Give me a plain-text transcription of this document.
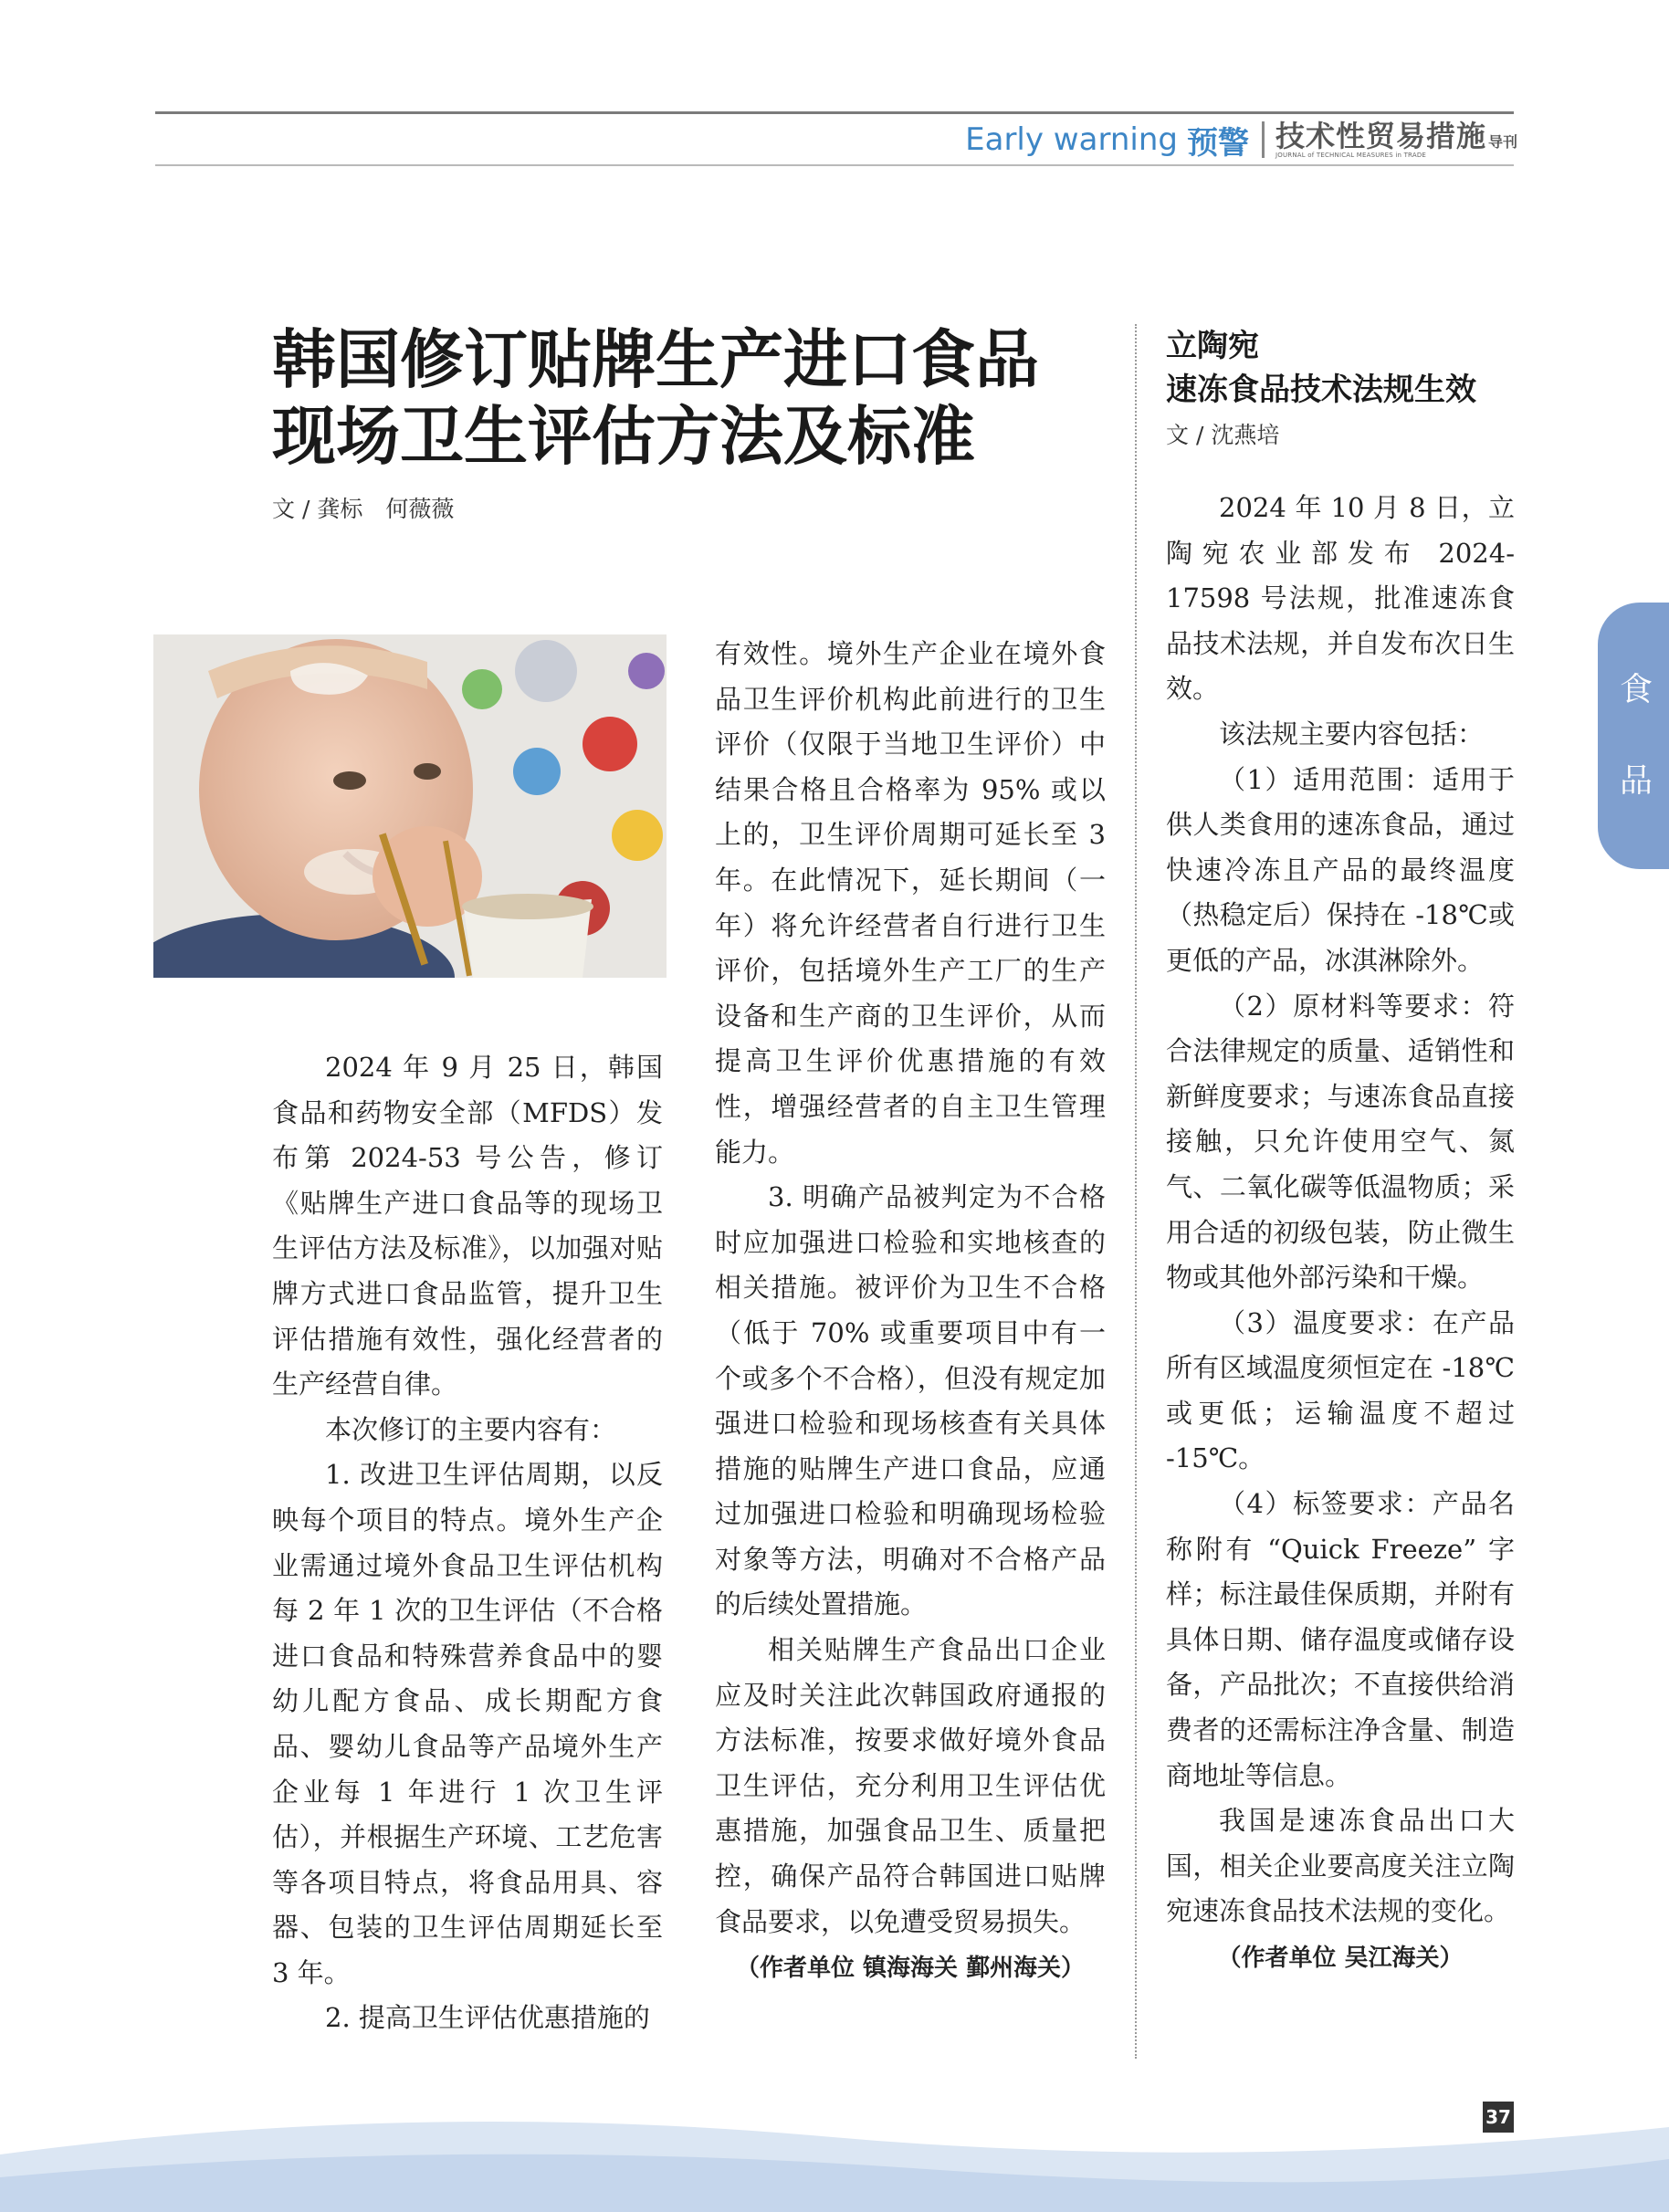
Early warning 预警 技术性贸易措施 导刊
JOURNAL of TECHNICAL MEASURES in TRADE
韩国修订贴牌生产进口食品
现场卫生评估方法及标准
文 / 龚标　何薇薇

2024 年 9 月 25 日，韩国食品和药物安全部（MFDS）发布第 2024-53 号公告，修订《贴牌生产进口食品等的现场卫生评估方法及标准》，以加强对贴牌方式进口食品监管，提升卫生评估措施有效性，强化经营者的生产经营自律。

本次修订的主要内容有：

1. 改进卫生评估周期，以反映每个项目的特点。境外生产企业需通过境外食品卫生评估机构每 2 年 1 次的卫生评估（不合格进口食品和特殊营养食品中的婴幼儿配方食品、成长期配方食品、婴幼儿食品等产品境外生产企业每 1 年进行 1 次卫生评估），并根据生产环境、工艺危害等各项目特点，将食品用具、容器、包装的卫生评估周期延长至 3 年。

2. 提高卫生评估优惠措施的

有效性。境外生产企业在境外食品卫生评价机构此前进行的卫生评价（仅限于当地卫生评价）中结果合格且合格率为 95% 或以上的，卫生评价周期可延长至 3 年。在此情况下，延长期间（一年）将允许经营者自行进行卫生评价，包括境外生产工厂的生产设备和生产商的卫生评价，从而提高卫生评价优惠措施的有效性，增强经营者的自主卫生管理能力。

3. 明确产品被判定为不合格时应加强进口检验和实地核查的相关措施。被评价为卫生不合格（低于 70% 或重要项目中有一个或多个不合格），但没有规定加强进口检验和现场核查有关具体措施的贴牌生产进口食品，应通过加强进口检验和明确现场检验对象等方法，明确对不合格产品的后续处置措施。

相关贴牌生产食品出口企业应及时关注此次韩国政府通报的方法标准，按要求做好境外食品卫生评估，充分利用卫生评估优惠措施，加强食品卫生、质量把控，确保产品符合韩国进口贴牌食品要求，以免遭受贸易损失。

（作者单位 镇海海关 鄞州海关）
立陶宛
速冻食品技术法规生效
文 / 沈燕培

2024 年 10 月 8 日，立陶宛农业部发布 2024-17598 号法规，批准速冻食品技术法规，并自发布次日生效。

该法规主要内容包括：

（1）适用范围：适用于供人类食用的速冻食品，通过快速冷冻且产品的最终温度（热稳定后）保持在 -18℃或更低的产品，冰淇淋除外。

（2）原材料等要求：符合法律规定的质量、适销性和新鲜度要求；与速冻食品直接接触，只允许使用空气、氮气、二氧化碳等低温物质；采用合适的初级包装，防止微生物或其他外部污染和干燥。

（3）温度要求：在产品所有区域温度须恒定在 -18℃或更低；运输温度不超过 -15℃。

（4）标签要求：产品名称附有 “Quick Freeze” 字样；标注最佳保质期，并附有具体日期、储存温度或储存设备，产品批次；不直接供给消费者的还需标注净含量、制造商地址等信息。

我国是速冻食品出口大国，相关企业要高度关注立陶宛速冻食品技术法规的变化。

（作者单位 吴江海关）
食
品
37
